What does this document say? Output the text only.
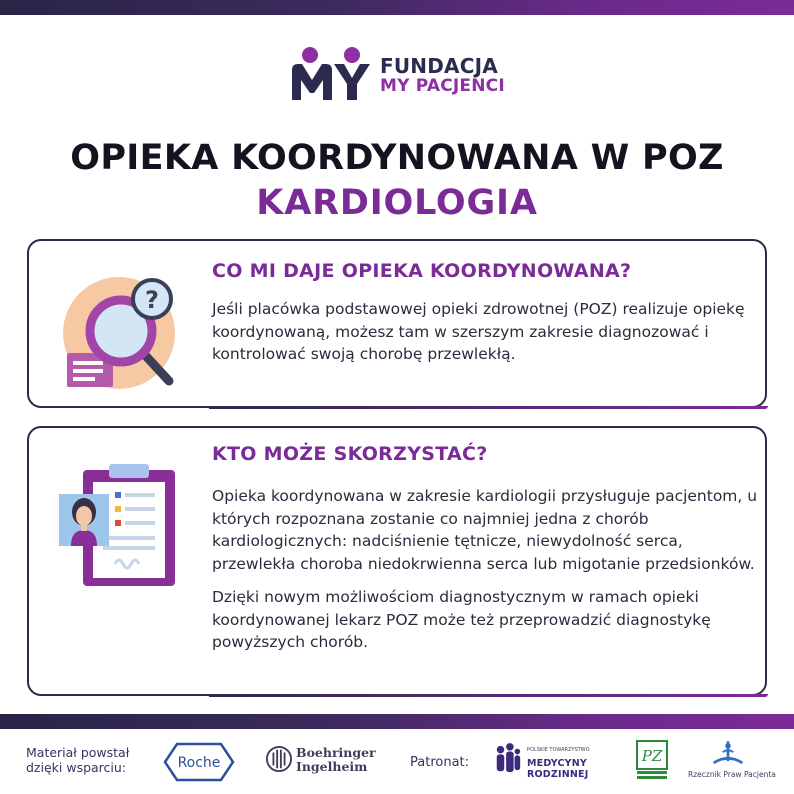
FUNDACJA
MY PACJENCI
OPIEKA KOORDYNOWANA W POZ
KARDIOLOGIA
?
CO MI DAJE OPIEKA KOORDYNOWANA?

Jeśli placówka podstawowej opieki zdrowotnej (POZ) realizuje opiekę koordynowaną, możesz tam w szerszym zakresie diagnozować i kontrolować swoją chorobę przewlekłą.

KTO MOŻE SKORZYSTAĆ?

Opieka koordynowana w zakresie kardiologii przysługuje pacjentom, u których rozpoznana zostanie co najmniej jedna z chorób kardiologicznych: nadciśnienie tętnicze, niewydolność serca, przewlekła choroba niedokrwienna serca lub migotanie przedsionków.

Dzięki nowym możliwościom diagnostycznym w ramach opieki koordynowanej lekarz POZ może też przeprowadzić diagnostykę powyższych chorób.

Materiał powstał
dzięki wsparciu:	Roche
Boehringer
Ingelheim	Patronat:
POLSKIE TOWARZYSTWO
MEDYCYNY RODZINNEJ
PZ
Rzecznik Praw Pacjenta
